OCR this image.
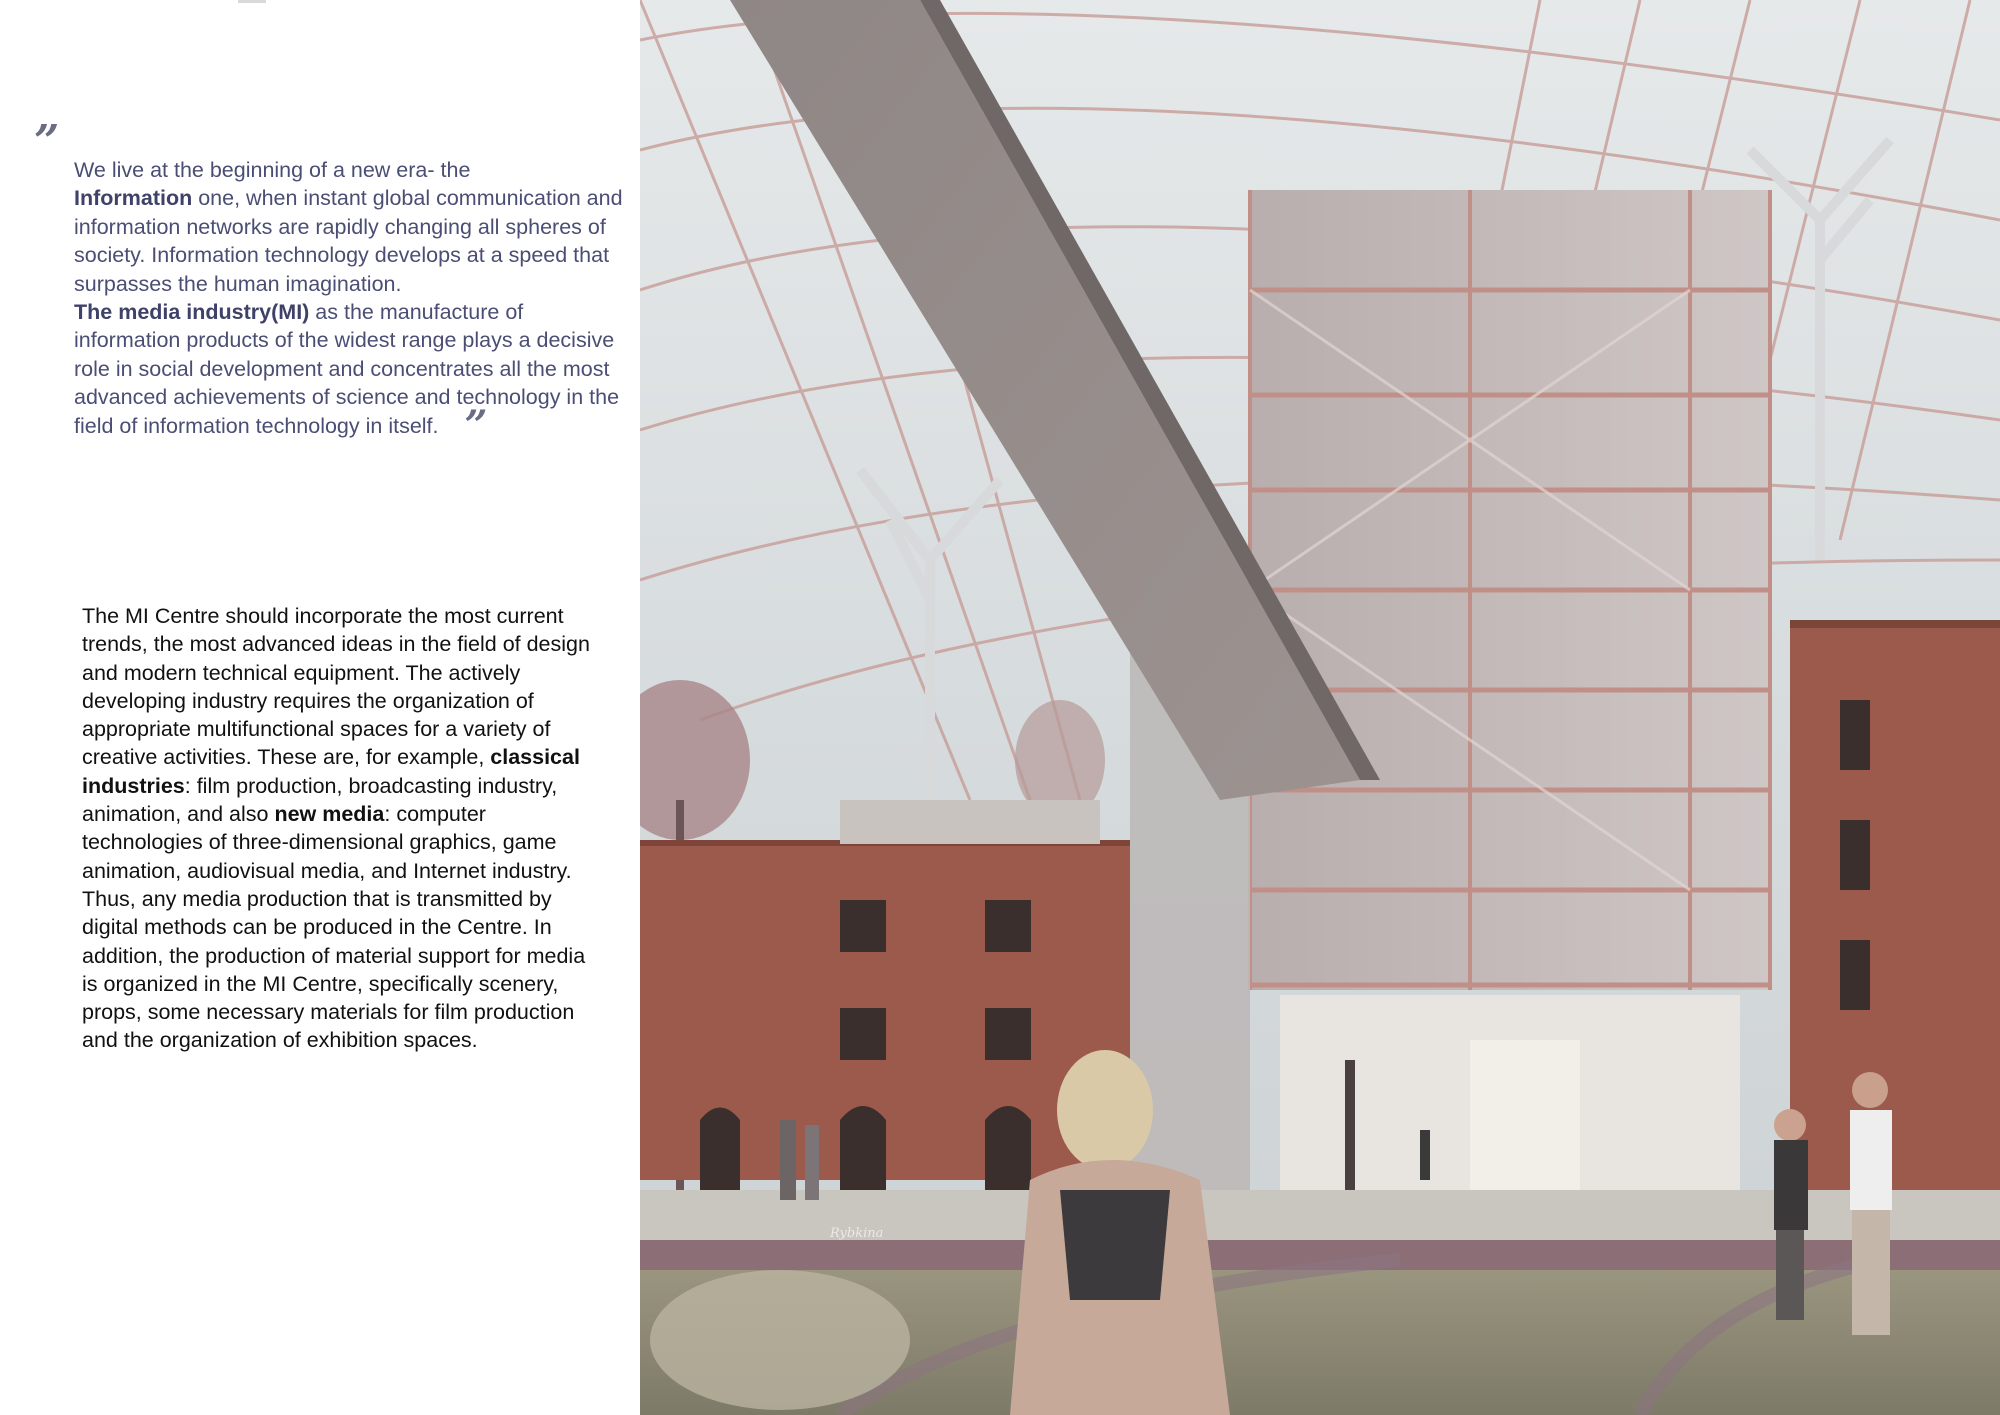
”

We live at the beginning of a new era- the
Information one, when instant global communication and information networks are rapidly changing all spheres of society. Information technology develops at a speed that surpasses the human imagination.

The media industry(MI) as the manufacture of information products of the widest range plays a decisive role in social development and concentrates all the most advanced achievements of science and technology in the field of information technology in itself. ”

The MI Centre should incorporate the most current trends, the most advanced ideas in the field of design and modern technical equipment. The actively developing industry requires the organization of appropriate multifunctional spaces for a variety of creative activities. These are, for example, classical industries: film production, broadcasting industry, animation, and also new media: computer technologies of three-dimensional graphics, game animation, audiovisual media, and Internet industry. Thus, any media production that is transmitted by digital methods can be produced in the Centre. In addition, the production of material support for media is organized in the MI Centre, specifically scenery, props, some necessary materials for film production and the organization of exhibition spaces.

Rybkina
